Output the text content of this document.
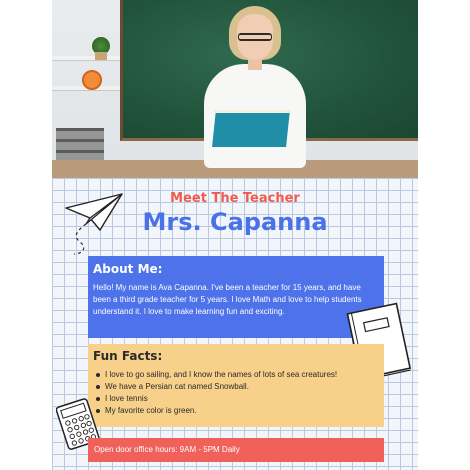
Meet The Teacher
Mrs. Capanna
About Me:

Hello! My name is Ava Capanna. I've been a teacher for 15 years, and have been a third grade teacher for 5 years. I love Math and love to help students understand it. I love to make learning fun and exciting.

Fun Facts:
I love to go sailing, and I know the names of lots of sea creatures!
We have a Persian cat named Snowball.
I love tennis
My favorite color is green.
Open door office hours: 9AM - 5PM Daily
